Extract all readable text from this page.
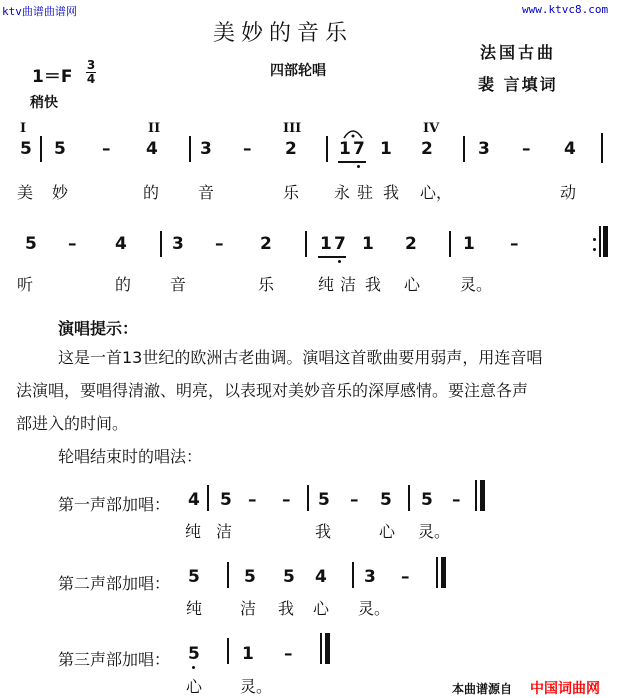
ktv曲谱曲谱网	www.ktvc8.com
美妙的音乐
四部轮唱
法国古曲
裴 言填词
1＝F
3
4
稍快
I	II	III	IV
5 5 – 4 3 – 2 1 7 1 2	3 – 4
美 妙	的 音	乐 永 驻 我 心，	动
5 – 4	3 – 2	1 7 1 2	1 –
听	的 音	乐	纯 洁 我 心 灵。
演唱提示：
这是一首13世纪的欧洲古老曲调。演唱这首歌曲要用弱声，用连音唱
法演唱，要唱得清澈、明亮，以表现对美妙音乐的深厚感情。要注意各声
部进入的时间。
轮唱结束时的唱法：
第一声部加唱： 4 5 – – 5 – 5 5 –
纯 洁	我	心 灵。
第二声部加唱： 5	5 5 4 3 –
纯 洁 我 心 灵。
第三声部加唱： 5 1 –
心 灵。	本曲谱源自 中国词曲网
